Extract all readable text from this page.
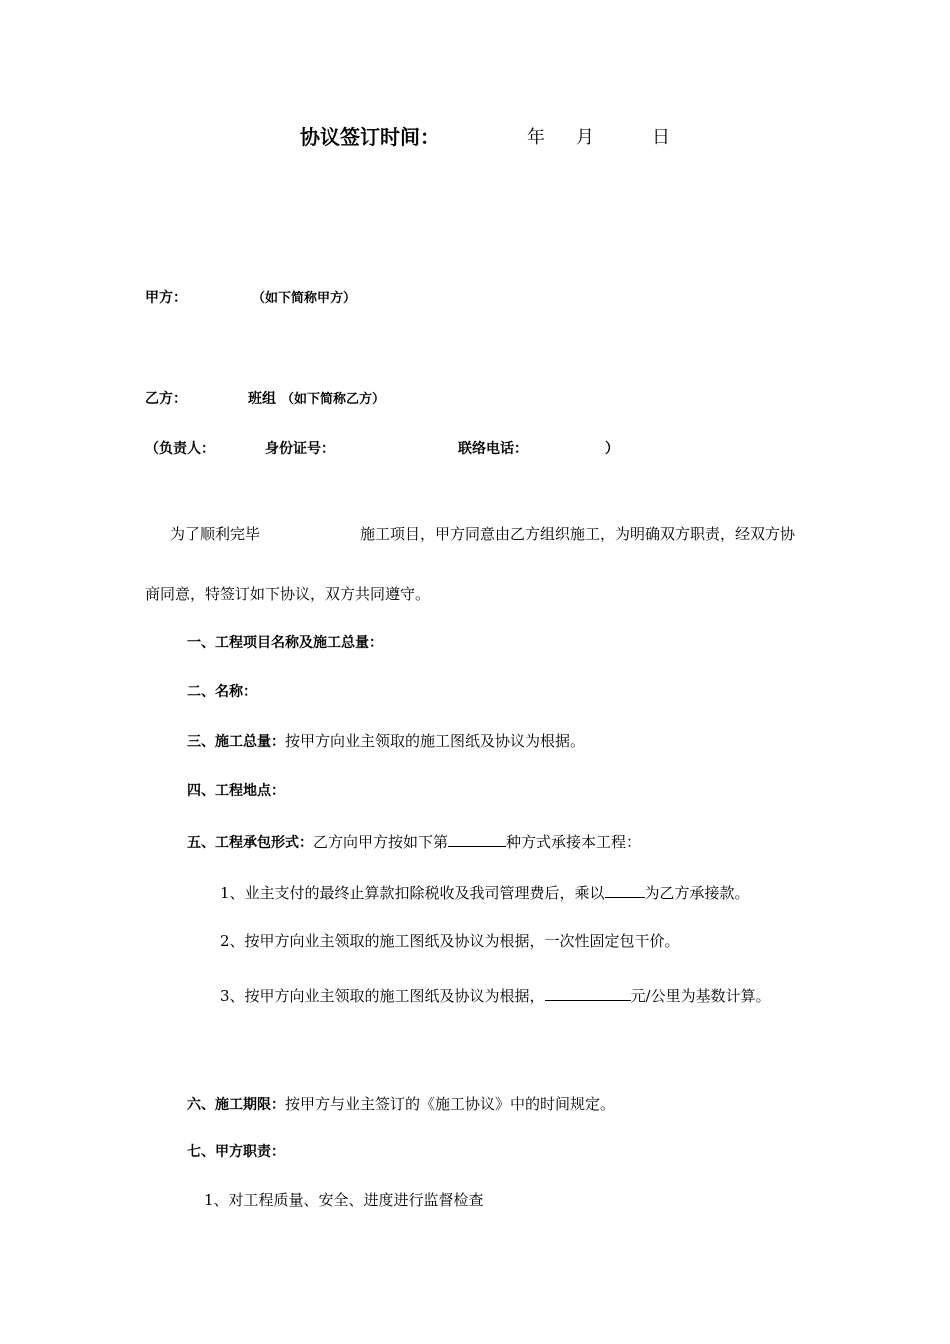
协议签订时间：	年 月	日
甲方：	（如下简称甲方）
乙方：	班组 （如下简称乙方）
（负责人：	身份证号：	联络电话：	）
为了顺利完毕	施工项目，甲方同意由乙方组织施工，为明确双方职责，经双方协
商同意，特签订如下协议，双方共同遵守。
一、工程项目名称及施工总量：
二、名称：
三、施工总量：按甲方向业主领取的施工图纸及协议为根据。
四、工程地点：
五、工程承包形式：乙方向甲方按如下第	种方式承接本工程：
1、业主支付的最终止算款扣除税收及我司管理费后，乘以	为乙方承接款。
2、按甲方向业主领取的施工图纸及协议为根据，一次性固定包干价。
3、按甲方向业主领取的施工图纸及协议为根据，	元/公里为基数计算。
六、施工期限：按甲方与业主签订的《施工协议》中的时间规定。
七、甲方职责：
1、对工程质量、安全、进度进行监督检查
